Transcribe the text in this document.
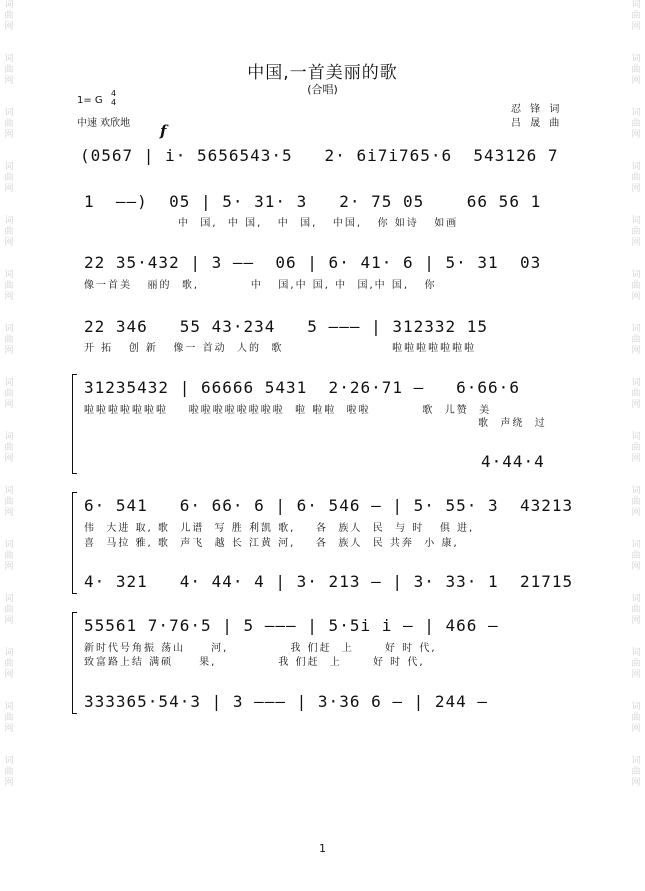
词曲网
词曲网
词曲网
词曲网
词曲网
词曲网
词曲网
词曲网
词曲网
词曲网
词曲网
词曲网
词曲网
词曲网
词曲网
词曲网
词曲网
词曲网
词曲网
词曲网
词曲网
词曲网
词曲网
词曲网
词曲网
词曲网
词曲网
词曲网
词曲网
词曲网
中国,一首美丽的歌
(合唱)
1= G
4
4
中速 欢欣地
忍 锋 词
吕 晟 曲
f
(0567 | i· 5656543·5   2· 6i7i765·6  543126 7
1  ——)  05 | 5· 31· 3   2· 75 05    66 56 1
中  国,  中 国,   中  国,   中国,   你 如诗   如画
22 35·432 | 3 ——  06 | 6· 41· 6 | 5· 31  03
像一首美   丽的  歌,          中   国,中 国, 中  国,中 国,   你
22 346   55 43·234   5 ——— | 312332 15
开 拓   创 新   像一 首动  人的  歌                     啦啦啦啦啦啦啦
31235432 | 66666 5431  2·26·71 —   6·66·6
啦啦啦啦啦啦啦    啦啦啦啦啦啦啦啦  啦 啦啦  啦啦          歌  儿赞  美
歌  声绕  过
4·44·4
6· 541   6· 66· 6 | 6· 546 — | 5· 55· 3  43213
伟  大进 取, 歌  儿谱  写 胜 利凯 歌,    各  族人  民  与 时   俱 进,
喜  马拉 雅, 歌  声飞  越 长 江黄 河,    各  族人  民 共奔  小 康,
4· 321   4· 44· 4 | 3· 213 — | 3· 33· 1  21715
55561 7·76·5 | 5 ——— | 5·5i i — | 466 —
新时代号角振 荡山     河,            我 们赶  上      好 时 代,
致富路上结 满硕     果,            我 们赶  上      好 时 代,
333365·54·3 | 3 ——— | 3·36 6 — | 244 —
1
